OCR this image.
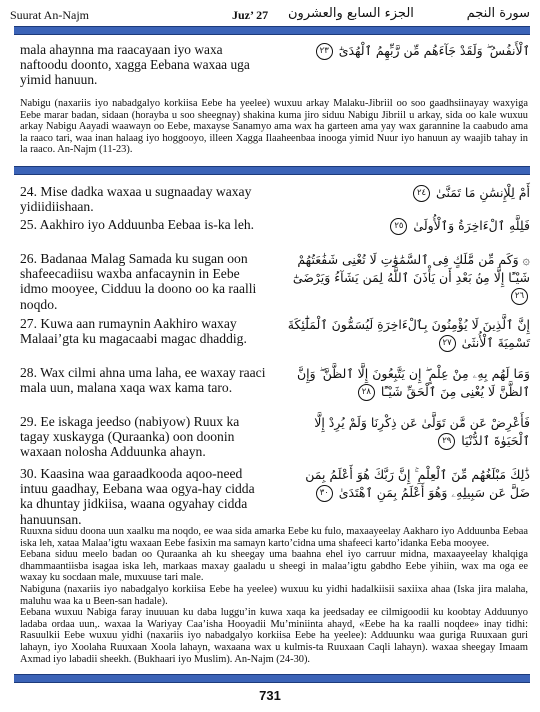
Suurat An-Najm	Juz’ 27 الجزء السابع والعشرون	سورة النجم
mala ahaynna ma raacayaan iyo waxa naftoodu doonto, xagga Eebana waxaa uga yimid hanuun.
ٱلْأَنفُسُ ۖ وَلَقَدْ جَآءَهُم مِّن رَّبِّهِمُ ٱلْهُدَىٰٓ ٢٣

Nabigu (naxariis iyo nabadgalyo korkiisa Eebe ha yeelee) wuxuu arkay Malaku-Jibriil oo soo gaadhsiinayay waxyiga Eebe marar badan, sidaan (horayba u soo sheegnay) shakina kuma jiro siduu Nabigu Jibriil u arkay, sida oo kale wuxuu arkay Nabigu Aayadi waawayn oo Eebe, maxayse Sanamyo ama wax ha garteen ama yay wax garannine la caabudo ama la raaco tari, waa inan halaag iyo hoggooyo, illeen Xagga Ilaaheenbaa inooga yimid Nuur iyo hanuun ay waajib tahay in la raaco. An-Najm (11-23).

24. Mise dadka waxaa u sugnaaday waxay yidiidiishaan.
أَمْ لِلْإِنسَٰنِ مَا تَمَنَّىٰ ٢٤
25. Aakhiro iyo Adduunba Eebaa is-ka leh.	فَلِلَّهِ ٱلْءَاخِرَةُ وَٱلْأُولَىٰ ٢٥
26. Badanaa Malag Samada ku sugan oon shafeecadiisu waxba anfacaynin in Eebe idmo mooyee, Cidduu la doono oo ka raalli noqdo.
۞ وَكَم مِّن مَّلَكٍ فِى ٱلسَّمَٰوَٰتِ لَا تُغْنِى شَفَٰعَتُهُمْ شَيْـًٔا إِلَّا مِنۢ بَعْدِ أَن يَأْذَنَ ٱللَّهُ لِمَن يَشَآءُ وَيَرْضَىٰٓ ٢٦
27. Kuwa aan rumaynin Aakhiro waxay Malaai’gta ku magacaabi magac dhaddig.
إِنَّ ٱلَّذِينَ لَا يُؤْمِنُونَ بِٱلْءَاخِرَةِ لَيُسَمُّونَ ٱلْمَلَٰٓئِكَةَ تَسْمِيَةَ ٱلْأُنثَىٰ ٢٧
28. Wax cilmi ahna uma laha, ee waxay raaci mala uun, malana xaqa wax kama taro.
وَمَا لَهُم بِهِۦ مِنْ عِلْمٍ ۖ إِن يَتَّبِعُونَ إِلَّا ٱلظَّنَّ ۖ وَإِنَّ ٱلظَّنَّ لَا يُغْنِى مِنَ ٱلْحَقِّ شَيْـًٔا ٢٨
29. Ee iskaga jeedso (nabiyow) Ruux ka tagay xuskayga (Quraanka) oon doonin waxaan nolosha Adduunka ahayn.
فَأَعْرِضْ عَن مَّن تَوَلَّىٰ عَن ذِكْرِنَا وَلَمْ يُرِدْ إِلَّا ٱلْحَيَوٰةَ ٱلدُّنْيَا ٢٩
30. Kaasina waa garaadkooda aqoo-need intuu gaadhay, Eebana waa ogya-hay cidda ka dhuntay jidkiisa, waana ogyahay cidda hanuunsan.
ذَٰلِكَ مَبْلَغُهُم مِّنَ ٱلْعِلْمِ ۚ إِنَّ رَبَّكَ هُوَ أَعْلَمُ بِمَن ضَلَّ عَن سَبِيلِهِۦ وَهُوَ أَعْلَمُ بِمَنِ ٱهْتَدَىٰ ٣٠

Ruuxna siduu doona uun xaalku ma noqdo, ee waa sida amarka Eebe ku fulo, maxaayeelay Aakharo iyo Adduunba Eebaa iska leh, xataa Malaa’igtu waxaan Eebe fasixin ma samayn karto’cidna uma shafeeci karto’idanka Eeba mooyee.

Eebana siduu meelo badan oo Quraanka ah ku sheegay uma baahna ehel iyo carruur midna, maxaayeelay khalqiga dhammaantiisba isagaa iska leh, markaas maxay gaaladu u sheegi in malaa’igtu gabdho Eebe yihiin, wax ma oga ee waxay ku socdaan male, muxuuse tari male.

Nabiguna (naxariis iyo nabadgalyo korkiisa Eebe ha yeelee) wuxuu ku yidhi hadalkiisii saxiixa ahaa (Iska jira malaha, maluhu waa ka u Been-san hadale).

Eebana wuxuu Nabiga faray inuuuan ku daba luggu’in kuwa xaqa ka jeedsaday ee cilmigoodii ku koobtay Adduunyo ladaba ordaa uun,. waxaa la Wariyay Caa’isha Hooyadii Mu’miniinta ahayd, «Eebe ha ka raalli noqdee» inay tidhi: Rasuulkii Eebe wuxuu yidhi (naxariis iyo nabadgalyo korkiisa Eebe ha yeelee): Adduunku waa guriga Ruuxaan guri lahayn, iyo Xoolaha Ruuxaan Xoola lahayn, waxaana wax u kulmis-ta Ruuxaan Caqli lahayn). waxaa sheegay Imaam Axmad iyo labadii sheekh. (Bukhaari iyo Muslim). An-Najm (24-30).

731
